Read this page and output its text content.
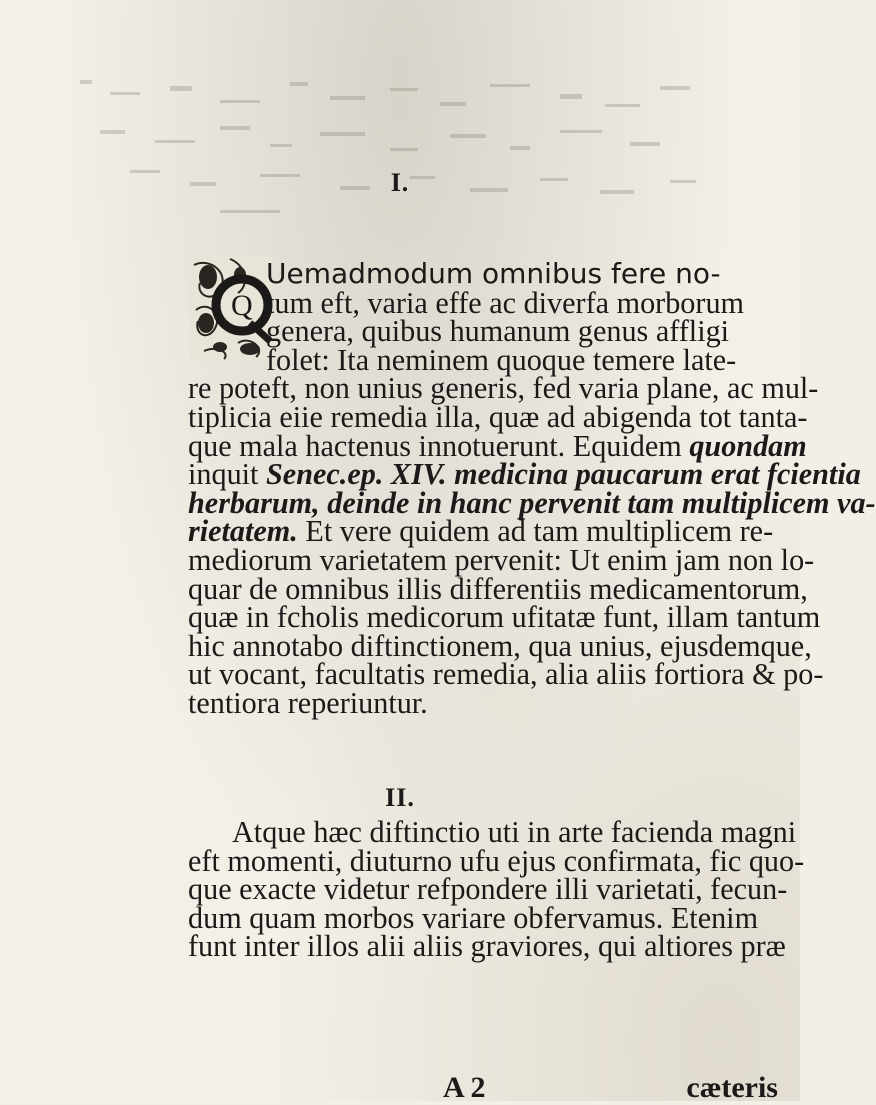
I.
Q
Uemadmodum omnibus fere no-
tum eft, varia effe ac diverfa morborum
genera, quibus humanum genus affligi
folet: Ita neminem quoque temere late-
re poteft, non unius generis, fed varia plane, ac mul-
tiplicia eiie remedia illa, quæ ad abigenda tot tanta-
que mala hactenus innotuerunt. Equidem quondam
inquit Senec.ep. XIV. medicina paucarum erat fcientia
herbarum, deinde in hanc pervenit tam multiplicem va-
rietatem. Et vere quidem ad tam multiplicem re-
mediorum varietatem pervenit: Ut enim jam non lo-
quar de omnibus illis differentiis medicamentorum,
quæ in fcholis medicorum ufitatæ funt, illam tantum
hic annotabo diftinctionem, qua unius, ejusdemque,
ut vocant, facultatis remedia, alia aliis fortiora & po-
tentiora reperiuntur.
II.
Atque hæc diftinctio uti in arte facienda magni
eft momenti, diuturno ufu ejus confirmata, fic quo-
que exacte videtur refpondere illi varietati, fecun-
dum quam morbos variare obfervamus. Etenim
funt inter illos alii aliis graviores, qui altiores præ
A 2	cæteris
